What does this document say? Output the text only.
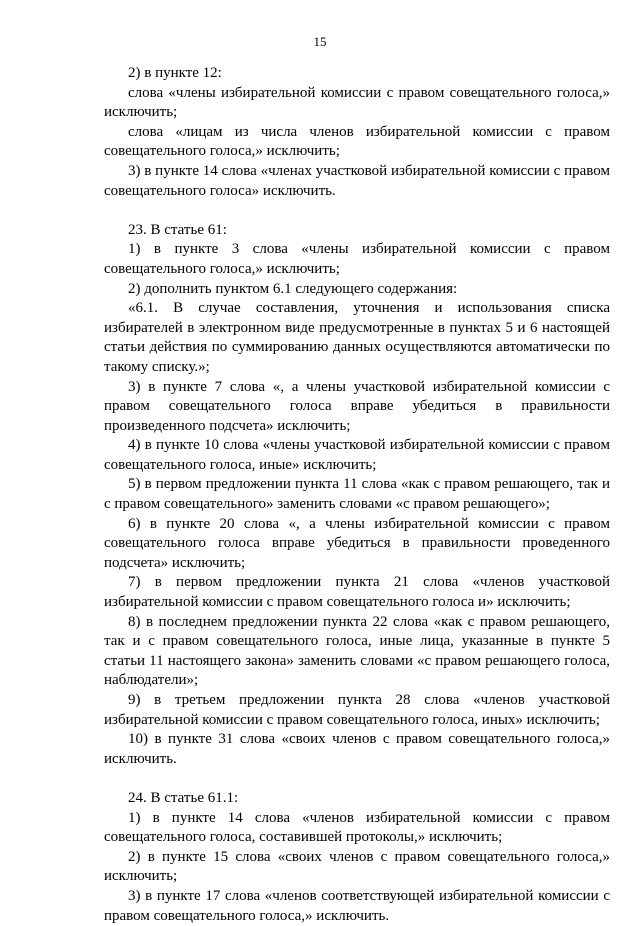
15

2) в пункте 12:

слова «члены избирательной комиссии с правом совещательного голоса,» исключить;

слова «лицам из числа членов избирательной комиссии с правом совещательного голоса,» исключить;

3) в пункте 14 слова «членах участковой избирательной комиссии с правом совещательного голоса» исключить.

23. В статье 61:

1) в пункте 3 слова «члены избирательной комиссии с правом совещательного голоса,» исключить;

2) дополнить пунктом 6.1 следующего содержания:

«6.1. В случае составления, уточнения и использования списка избирателей в электронном виде предусмотренные в пунктах 5 и 6 настоящей статьи действия по суммированию данных осуществляются автоматически по такому списку.»;

3) в пункте 7 слова «, а члены участковой избирательной комиссии с правом совещательного голоса вправе убедиться в правильности произведенного подсчета» исключить;

4) в пункте 10 слова «члены участковой избирательной комиссии с правом совещательного голоса, иные» исключить;

5) в первом предложении пункта 11 слова «как с правом решающего, так и с правом совещательного» заменить словами «с правом решающего»;

6) в пункте 20 слова «, а члены избирательной комиссии с правом совещательного голоса вправе убедиться в правильности проведенного подсчета» исключить;

7) в первом предложении пункта 21 слова «членов участковой избирательной комиссии с правом совещательного голоса и» исключить;

8) в последнем предложении пункта 22 слова «как с правом решающего, так и с правом совещательного голоса, иные лица, указанные в пункте 5 статьи 11 настоящего закона» заменить словами «с правом решающего голоса, наблюдатели»;

9) в третьем предложении пункта 28 слова «членов участковой избирательной комиссии с правом совещательного голоса, иных» исключить;

10) в пункте 31 слова «своих членов с правом совещательного голоса,» исключить.

24. В статье 61.1:

1) в пункте 14 слова «членов избирательной комиссии с правом совещательного голоса, составившей протоколы,» исключить;

2) в пункте 15 слова «своих членов с правом совещательного голоса,» исключить;

3) в пункте 17 слова «членов соответствующей избирательной комиссии с правом совещательного голоса,» исключить.
